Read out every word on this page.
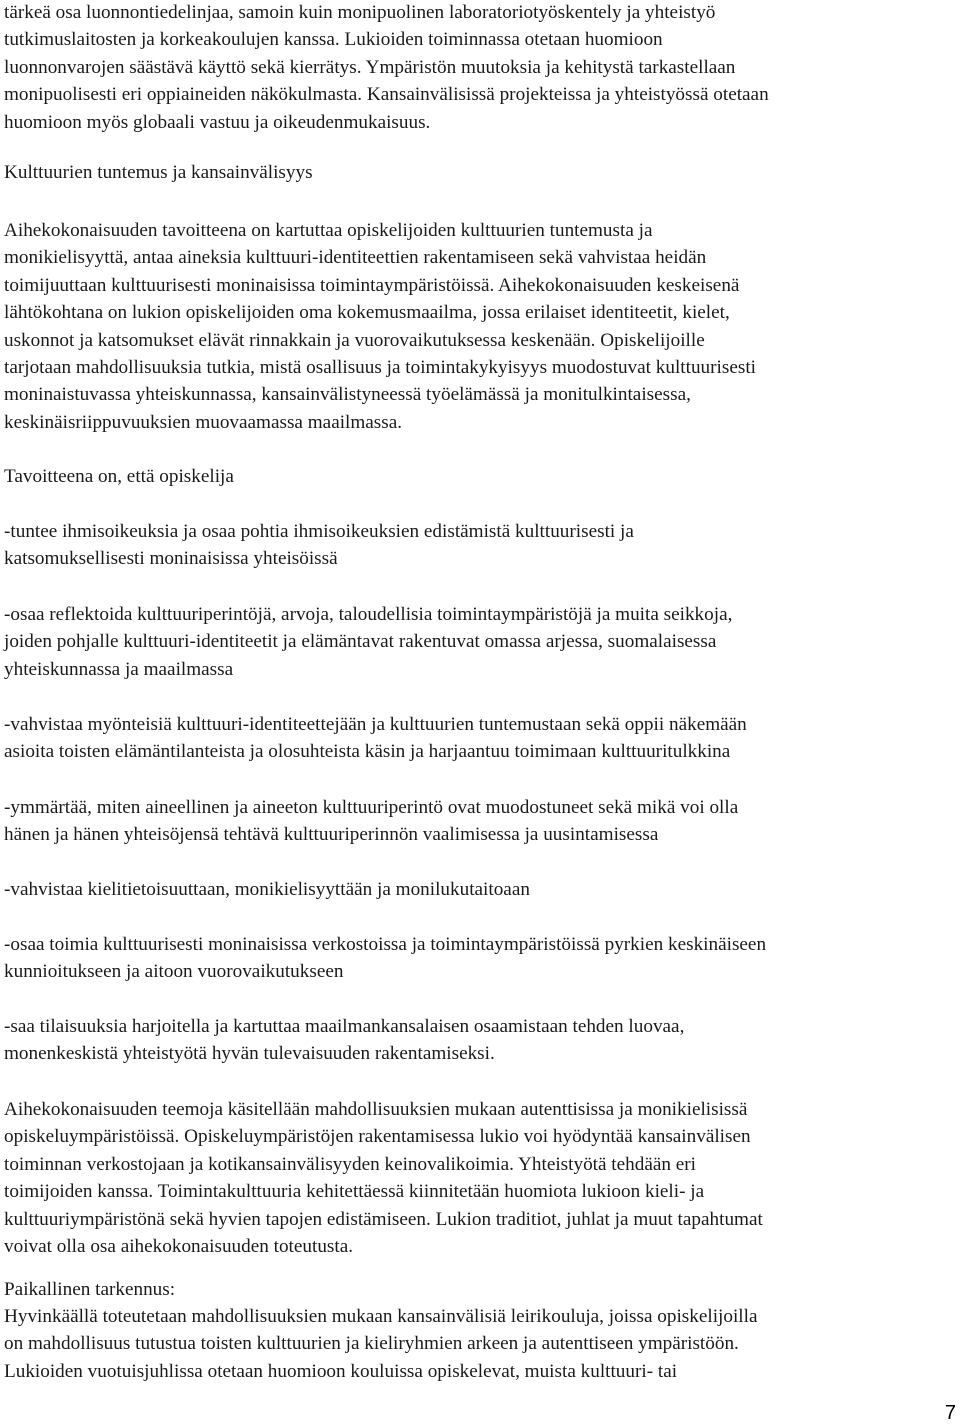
tärkeä osa luonnontiedelinjaa, samoin kuin monipuolinen laboratoriotyöskentely ja yhteistyö
tutkimuslaitosten ja korkeakoulujen kanssa. Lukioiden toiminnassa otetaan huomioon
luonnonvarojen säästävä käyttö sekä kierrätys. Ympäristön muutoksia ja kehitystä tarkastellaan
monipuolisesti eri oppiaineiden näkökulmasta. Kansainvälisissä projekteissa ja yhteistyössä otetaan
huomioon myös globaali vastuu ja oikeudenmukaisuus.

Kulttuurien tuntemus ja kansainvälisyys

Aihekokonaisuuden tavoitteena on kartuttaa opiskelijoiden kulttuurien tuntemusta ja
monikielisyyttä, antaa aineksia kulttuuri-identiteettien rakentamiseen sekä vahvistaa heidän
toimijuuttaan kulttuurisesti moninaisissa toimintaympäristöissä. Aihekokonaisuuden keskeisenä
lähtökohtana on lukion opiskelijoiden oma kokemusmaailma, jossa erilaiset identiteetit, kielet,
uskonnot ja katsomukset elävät rinnakkain ja vuorovaikutuksessa keskenään. Opiskelijoille
tarjotaan mahdollisuuksia tutkia, mistä osallisuus ja toimintakykyisyys muodostuvat kulttuurisesti
moninaistuvassa yhteiskunnassa, kansainvälistyneessä työelämässä ja monitulkintaisessa,
keskinäisriippuvuuksien muovaamassa maailmassa.

Tavoitteena on, että opiskelija

-tuntee ihmisoikeuksia ja osaa pohtia ihmisoikeuksien edistämistä kulttuurisesti ja
katsomuksellisesti moninaisissa yhteisöissä

-osaa reflektoida kulttuuriperintöjä, arvoja, taloudellisia toimintaympäristöjä ja muita seikkoja,
joiden pohjalle kulttuuri-identiteetit ja elämäntavat rakentuvat omassa arjessa, suomalaisessa
yhteiskunnassa ja maailmassa

-vahvistaa myönteisiä kulttuuri-identiteettejään ja kulttuurien tuntemustaan sekä oppii näkemään
asioita toisten elämäntilanteista ja olosuhteista käsin ja harjaantuu toimimaan kulttuuritulkkina

-ymmärtää, miten aineellinen ja aineeton kulttuuriperintö ovat muodostuneet sekä mikä voi olla
hänen ja hänen yhteisöjensä tehtävä kulttuuriperinnön vaalimisessa ja uusintamisessa

-vahvistaa kielitietoisuuttaan, monikielisyyttään ja monilukutaitoaan

-osaa toimia kulttuurisesti moninaisissa verkostoissa ja toimintaympäristöissä pyrkien keskinäiseen
kunnioitukseen ja aitoon vuorovaikutukseen

-saa tilaisuuksia harjoitella ja kartuttaa maailmankansalaisen osaamistaan tehden luovaa,
monenkeskistä yhteistyötä hyvän tulevaisuuden rakentamiseksi.

Aihekokonaisuuden teemoja käsitellään mahdollisuuksien mukaan autenttisissa ja monikielisissä
opiskeluympäristöissä. Opiskeluympäristöjen rakentamisessa lukio voi hyödyntää kansainvälisen
toiminnan verkostojaan ja kotikansainvälisyyden keinovalikoimia. Yhteistyötä tehdään eri
toimijoiden kanssa. Toimintakulttuuria kehitettäessä kiinnitetään huomiota lukioon kieli- ja
kulttuuriympäristönä sekä hyvien tapojen edistämiseen. Lukion traditiot, juhlat ja muut tapahtumat
voivat olla osa aihekokonaisuuden toteutusta.

Paikallinen tarkennus:

Hyvinkäällä toteutetaan mahdollisuuksien mukaan kansainvälisiä leirikouluja, joissa opiskelijoilla
on mahdollisuus tutustua toisten kulttuurien ja kieliryhmien arkeen ja autenttiseen ympäristöön.
Lukioiden vuotuisjuhlissa otetaan huomioon kouluissa opiskelevat, muista kulttuuri- tai

7
